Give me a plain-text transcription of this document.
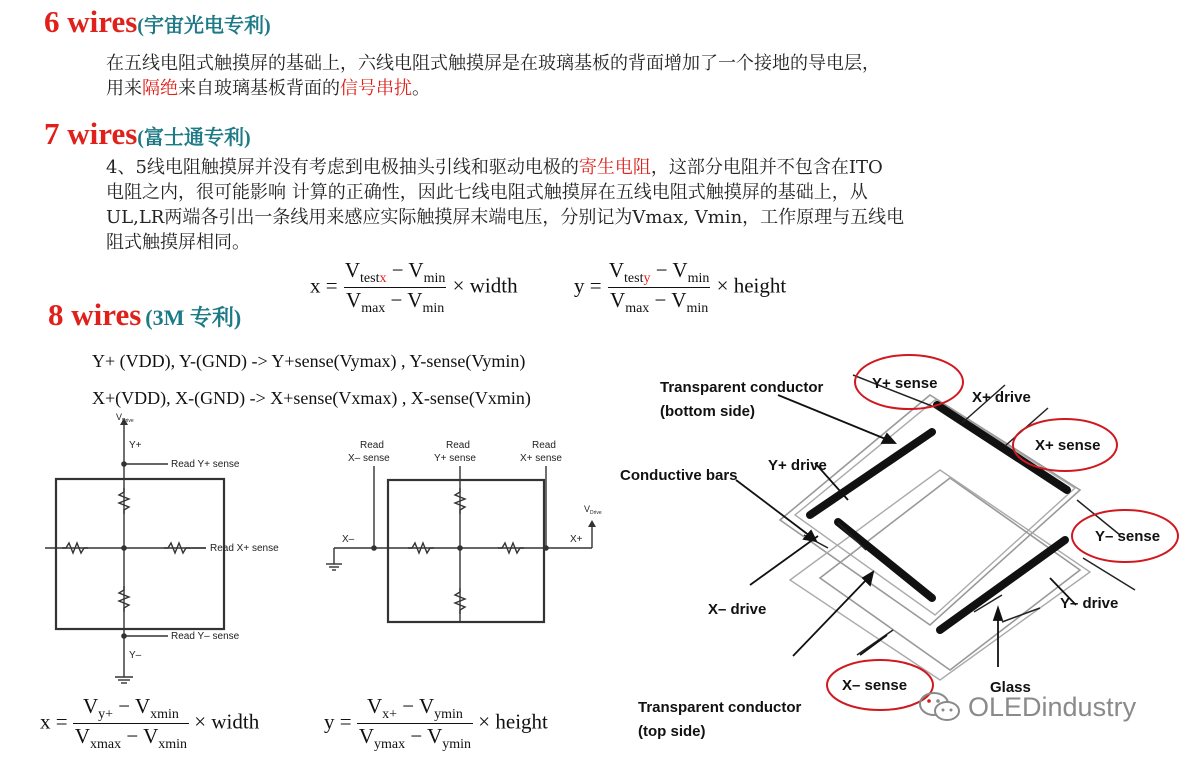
6 wires(宇宙光电专利)
在五线电阻式触摸屏的基础上，六线电阻式触摸屏是在玻璃基板的背面增加了一个接地的导电层，
用来隔绝来自玻璃基板背面的信号串扰。
7 wires(富士通专利)
4、5线电阻触摸屏并没有考虑到电极抽头引线和驱动电极的寄生电阻，这部分电阻并不包含在ITO
电阻之内，很可能影响 计算的正确性，因此七线电阻式触摸屏在五线电阻式触摸屏的基础上，从
UL,LR两端各引出一条线用来感应实际触摸屏末端电压，分别记为Vmax, Vmin，工作原理与五线电
阻式触摸屏相同。
$x = \frac{V_{testx} - V_{min}}{V_{max} - V_{min}}$ × width	$y = \frac{V_{testy} - V_{min}}{V_{max} - V_{min}}$ × height
8 wires (3M 专利)
Y+ (VDD), Y-(GND) -> Y+sense(Vymax) , Y-sense(Vymin)
X+(VDD), X-(GND) -> X+sense(Vxmax) , X-sense(Vxmin)
$V_{Drive}$
Y+
Read Y+ sense
Read X+ sense
Read Y– sense
Y–
Read
X– sense
Read
Y+ sense
Read
X+ sense
X–	X+
$V_{Drive}$
$x = \frac{V_{y+} - V_{xmin}}{V_{xmax} - V_{xmin}}$ × width	$y = \frac{V_{x+} - V_{ymin}}{V_{ymax} - V_{ymin}}$ × height
Transparent conductor
(bottom side)
Y+ sense
X+ drive
X+ sense
Conductive bars
Y+ drive
Y– sense
X– drive	Y– drive
X– sense	Glass
Transparent conductor
(top side)
OLEDindustry
